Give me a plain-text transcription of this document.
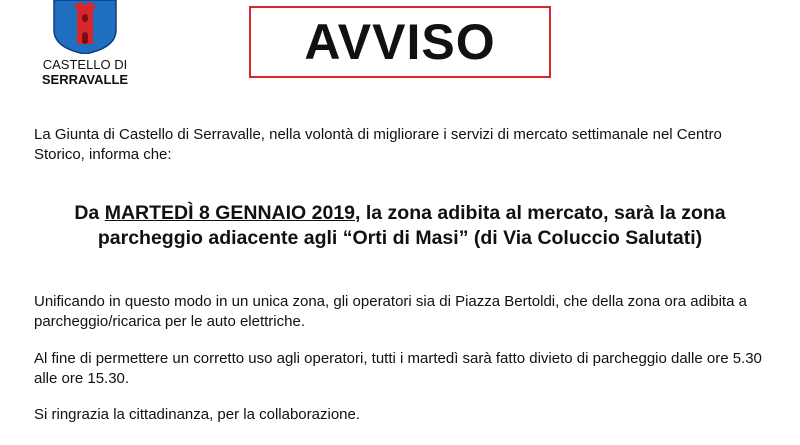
CASTELLO DI
SERRAVALLE
AVVISO
La Giunta di Castello di Serravalle, nella volontà di migliorare i servizi di mercato settimanale nel Centro Storico, informa che:
Da MARTEDÌ 8 GENNAIO 2019, la zona adibita al mercato, sarà la zona parcheggio adiacente agli “Orti di Masi” (di Via Coluccio Salutati)
Unificando in questo modo in un unica zona, gli operatori sia di Piazza Bertoldi, che della zona ora adibita a parcheggio/ricarica per le auto elettriche.
Al fine di permettere un corretto uso agli operatori, tutti i martedì sarà fatto divieto di parcheggio dalle ore 5.30 alle ore 15.30.
Si ringrazia la cittadinanza, per la collaborazione.
